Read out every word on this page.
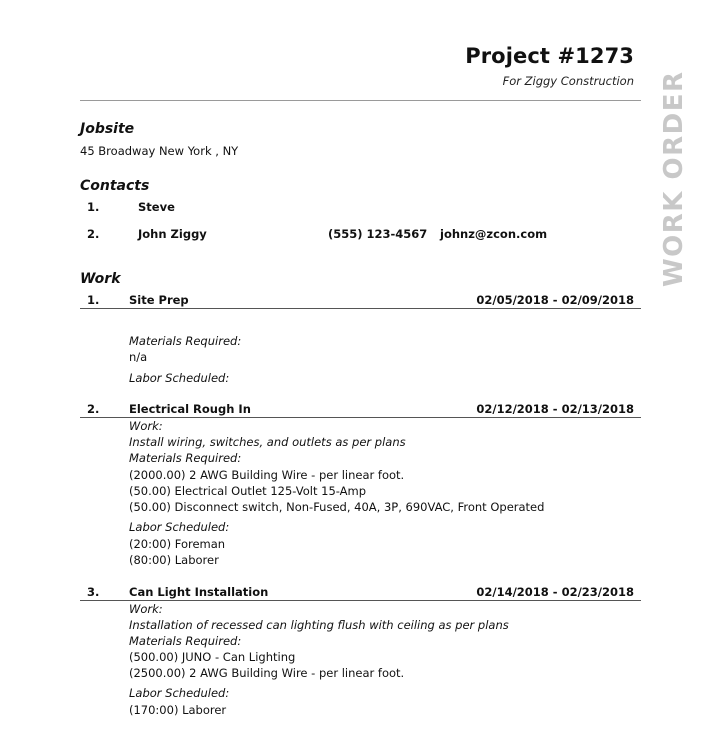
Project #1273
For Ziggy Construction WORK ORDER
Jobsite
45 Broadway New York , NY
Contacts
1.	Steve
2.	John Ziggy	(555) 123-4567 johnz@zcon.com
Work
1.	Site Prep	02/05/2018 - 02/09/2018
Materials Required:
n/a
Labor Scheduled:
2.	Electrical Rough In	02/12/2018 - 02/13/2018
Work:
Install wiring, switches, and outlets as per plans
Materials Required:
(2000.00) 2 AWG Building Wire - per linear foot.
(50.00) Electrical Outlet 125-Volt 15-Amp
(50.00) Disconnect switch, Non-Fused, 40A, 3P, 690VAC, Front Operated
Labor Scheduled:
(20:00) Foreman
(80:00) Laborer
3.	Can Light Installation	02/14/2018 - 02/23/2018
Work:
Installation of recessed can lighting flush with ceiling as per plans
Materials Required:
(500.00) JUNO - Can Lighting
(2500.00) 2 AWG Building Wire - per linear foot.
Labor Scheduled:
(170:00) Laborer
